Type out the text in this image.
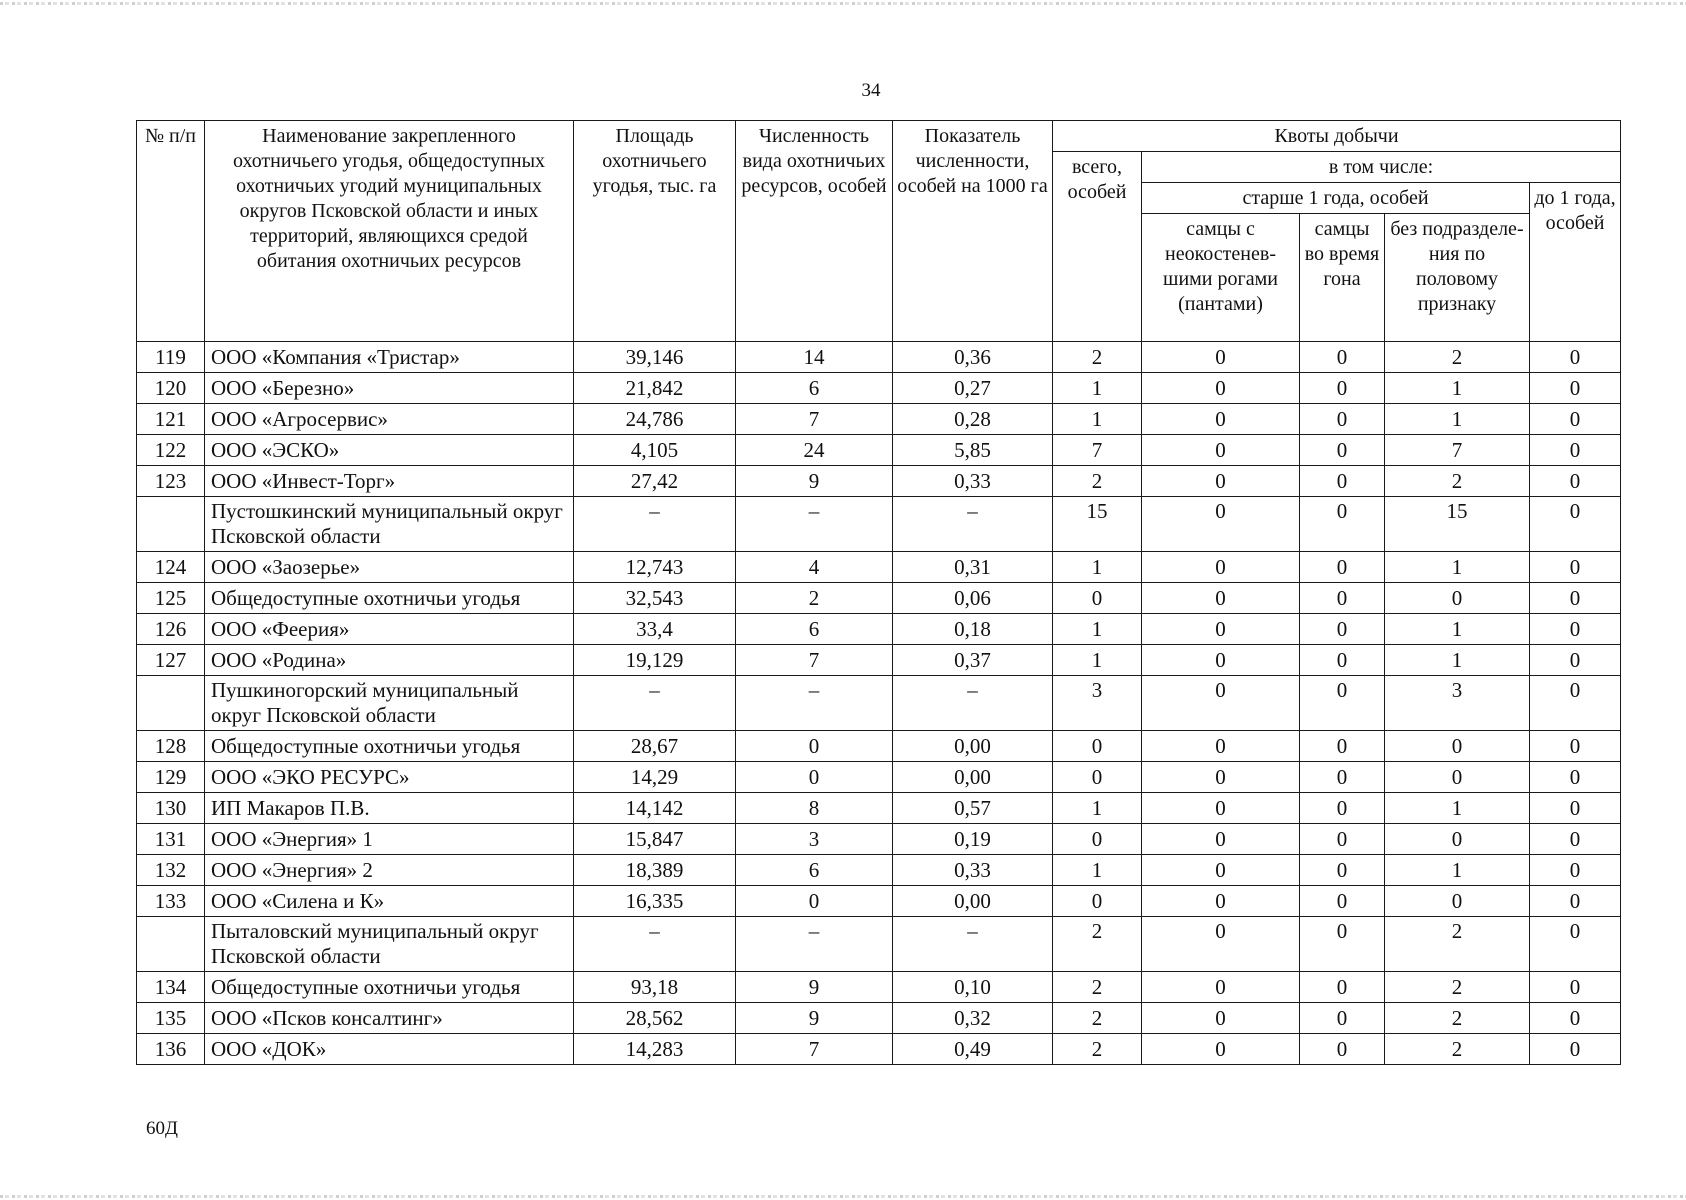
34
№ п/п	Наименование закрепленного охотничьего угодья, общедоступных охотничьих угодий муниципальных округов Псковской области и иных территорий, являющихся средой обитания охотничьих ресурсов	Площадь охотничьего угодья, тыс. га	Численность вида охотничьих ресурсов, особей	Показатель численности, особей на 1000 га	Квоты добычи				
					всего, особей	в том числе:			
						старше 1 года, особей			до 1 года, особей
						самцы с неокостенев-шими рогами (пантами)	самцы во время гона	без подразделе-ния по половому признаку	
119	ООО «Компания «Тристар»	39,146	14	0,36	2	0	0	2	0
120	ООО «Березно»	21,842	6	0,27	1	0	0	1	0
121	ООО «Агросервис»	24,786	7	0,28	1	0	0	1	0
122	ООО «ЭСКО»	4,105	24	5,85	7	0	0	7	0
123	ООО «Инвест-Торг»	27,42	9	0,33	2	0	0	2	0
	Пустошкинский муниципальный округ Псковской области	–	–	–	15	0	0	15	0
124	ООО «Заозерье»	12,743	4	0,31	1	0	0	1	0
125	Общедоступные охотничьи угодья	32,543	2	0,06	0	0	0	0	0
126	ООО «Феерия»	33,4	6	0,18	1	0	0	1	0
127	ООО «Родина»	19,129	7	0,37	1	0	0	1	0
	Пушкиногорский муниципальный округ Псковской области	–	–	–	3	0	0	3	0
128	Общедоступные охотничьи угодья	28,67	0	0,00	0	0	0	0	0
129	ООО «ЭКО РЕСУРС»	14,29	0	0,00	0	0	0	0	0
130	ИП Макаров П.В.	14,142	8	0,57	1	0	0	1	0
131	ООО «Энергия» 1	15,847	3	0,19	0	0	0	0	0
132	ООО «Энергия» 2	18,389	6	0,33	1	0	0	1	0
133	ООО «Силена и К»	16,335	0	0,00	0	0	0	0	0
	Пыталовский муниципальный округ Псковской области	–	–	–	2	0	0	2	0
134	Общедоступные охотничьи угодья	93,18	9	0,10	2	0	0	2	0
135	ООО «Псков консалтинг»	28,562	9	0,32	2	0	0	2	0
136	ООО «ДОК»	14,283	7	0,49	2	0	0	2	0
60Д
